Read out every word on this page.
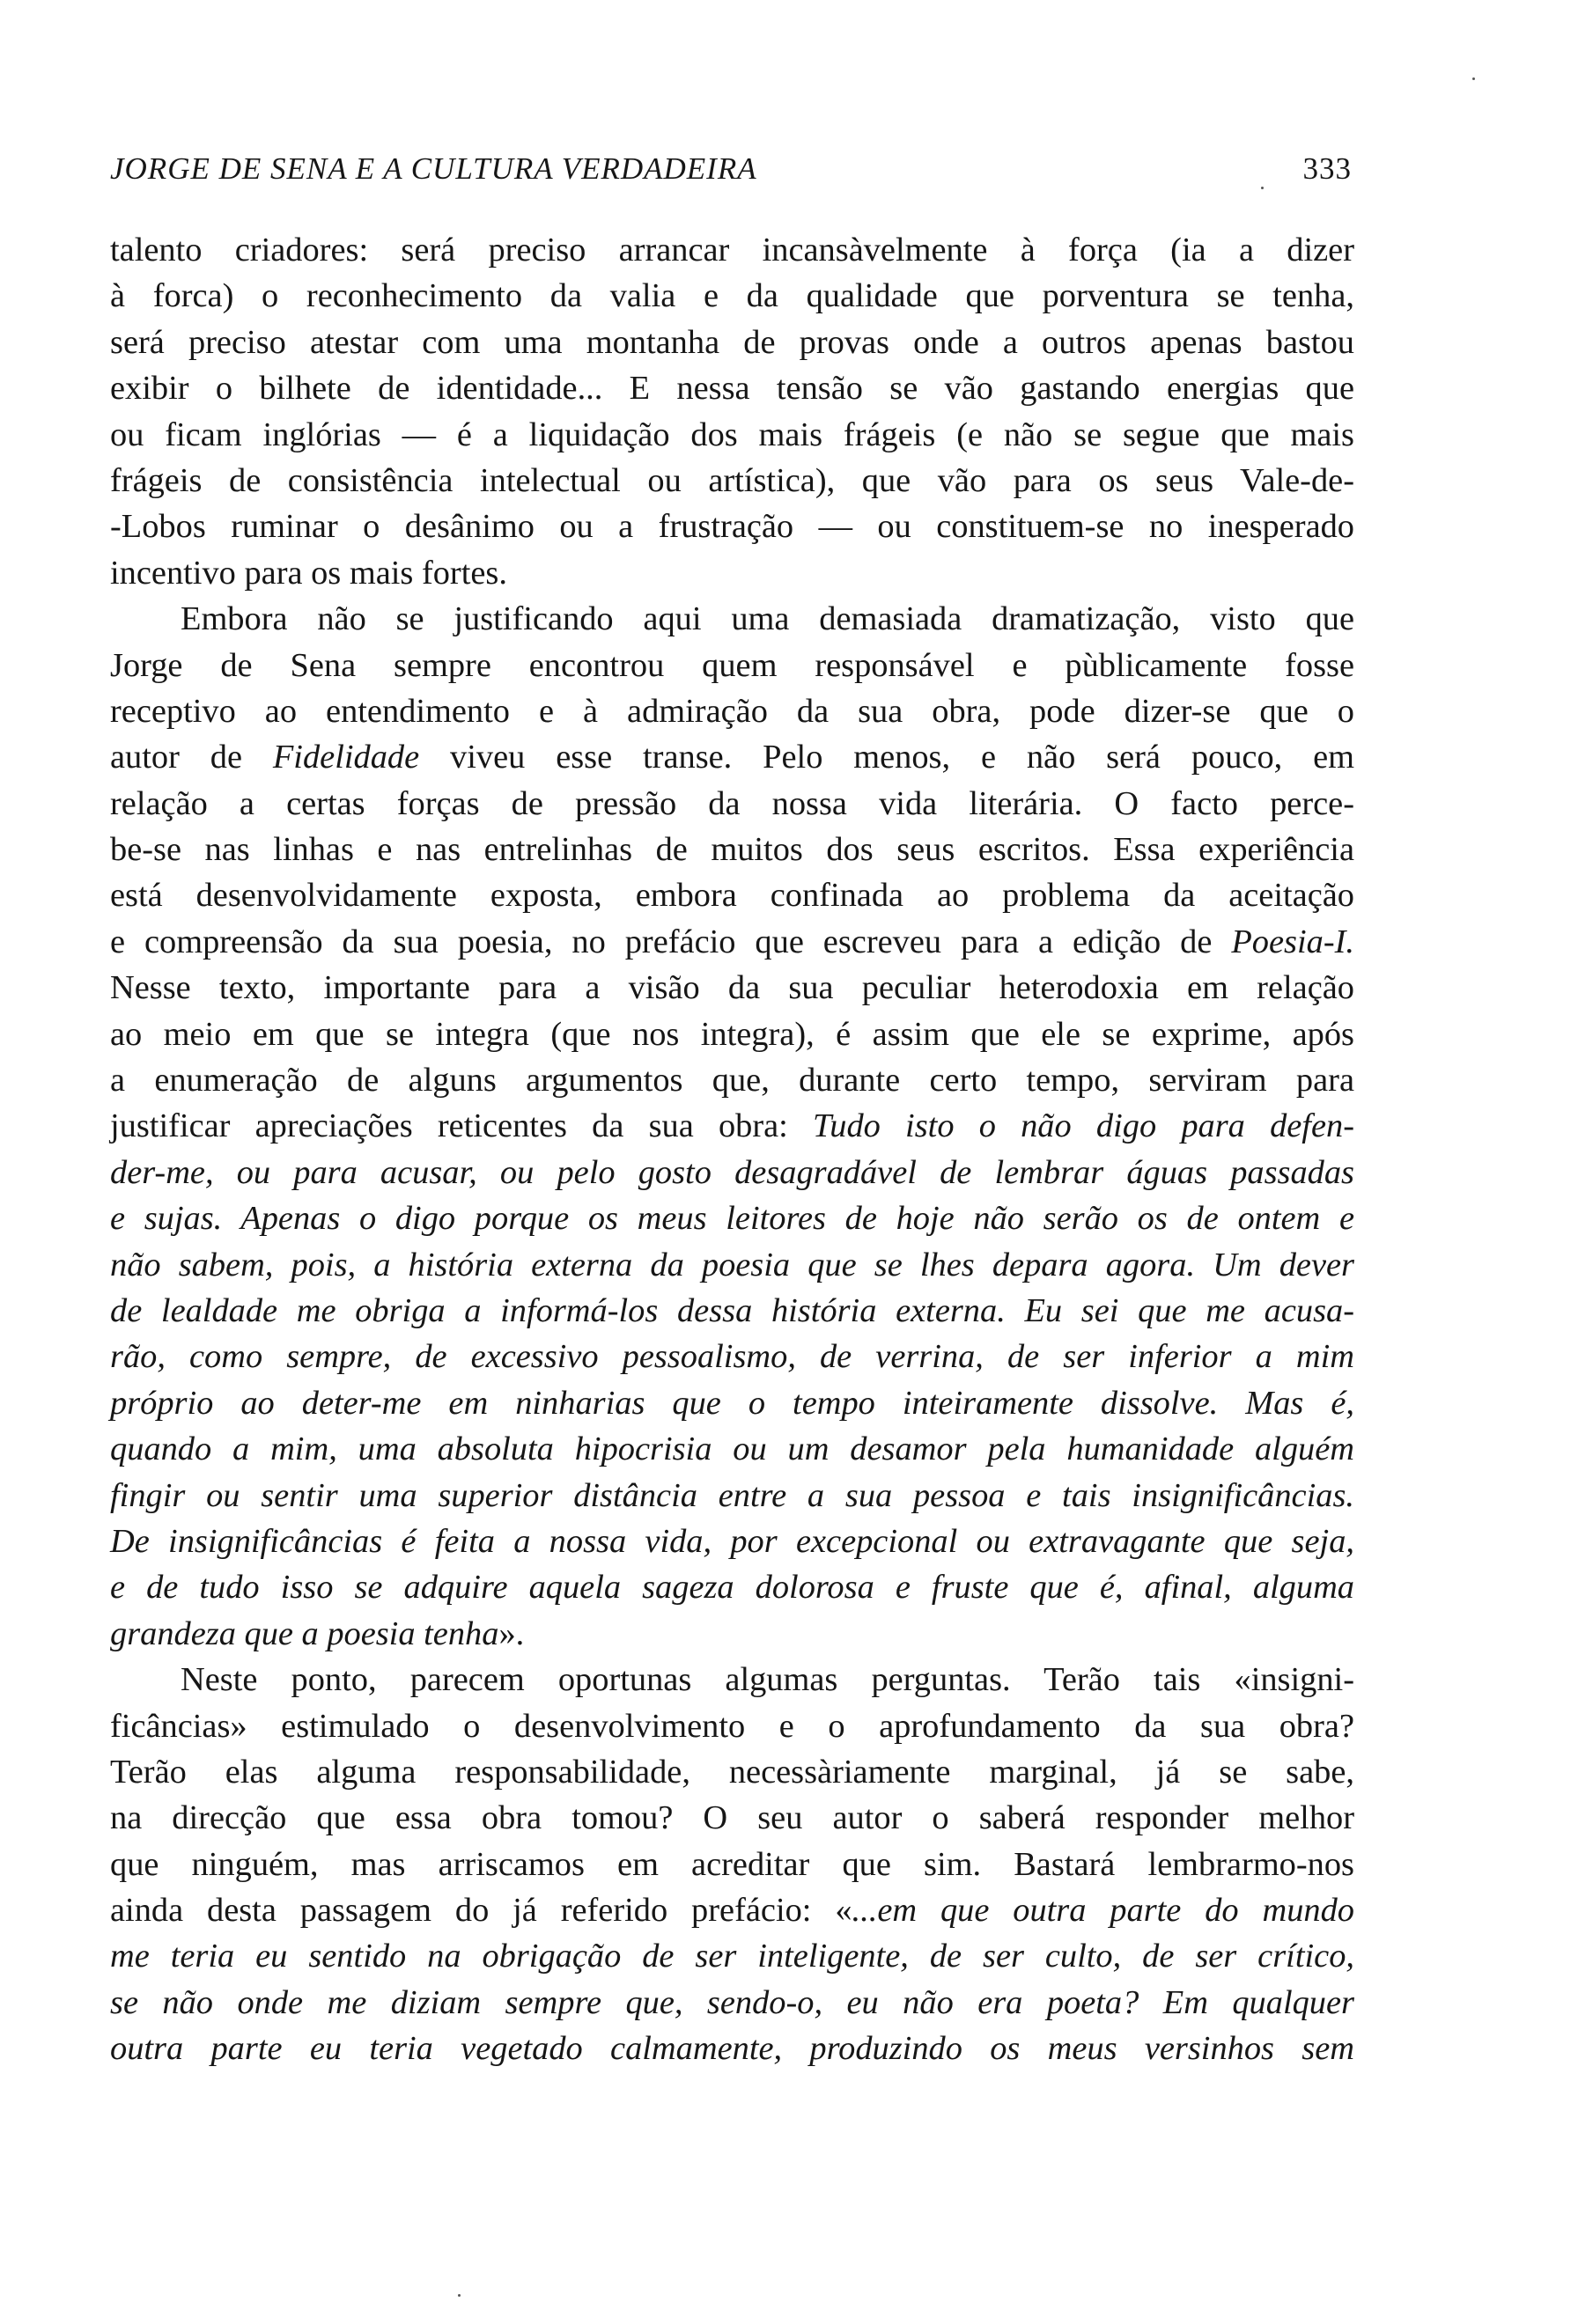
JORGE DE SENA E A CULTURA VERDADEIRA	333
talento criadores: será preciso arrancar incansàvelmente à força (ia a dizer
à forca) o reconhecimento da valia e da qualidade que porventura se tenha,
será preciso atestar com uma montanha de provas onde a outros apenas bastou
exibir o bilhete de identidade... E nessa tensão se vão gastando energias que
ou ficam inglórias — é a liquidação dos mais frágeis (e não se segue que mais
frágeis de consistência intelectual ou artística), que vão para os seus Vale-de-
-Lobos ruminar o desânimo ou a frustração — ou constituem-se no inesperado
incentivo para os mais fortes.
Embora não se justificando aqui uma demasiada dramatização, visto que
Jorge de Sena sempre encontrou quem responsável e pùblicamente fosse
receptivo ao entendimento e à admiração da sua obra, pode dizer-se que o
autor de Fidelidade viveu esse transe. Pelo menos, e não será pouco, em
relação a certas forças de pressão da nossa vida literária. O facto perce-
be-se nas linhas e nas entrelinhas de muitos dos seus escritos. Essa experiência
está desenvolvidamente exposta, embora confinada ao problema da aceitação
e compreensão da sua poesia, no prefácio que escreveu para a edição de Poesia-I.
Nesse texto, importante para a visão da sua peculiar heterodoxia em relação
ao meio em que se integra (que nos integra), é assim que ele se exprime, após
a enumeração de alguns argumentos que, durante certo tempo, serviram para
justificar apreciações reticentes da sua obra: Tudo isto o não digo para defen-
der-me, ou para acusar, ou pelo gosto desagradável de lembrar águas passadas
e sujas. Apenas o digo porque os meus leitores de hoje não serão os de ontem e
não sabem, pois, a história externa da poesia que se lhes depara agora. Um dever
de lealdade me obriga a informá-los dessa história externa. Eu sei que me acusa-
rão, como sempre, de excessivo pessoalismo, de verrina, de ser inferior a mim
próprio ao deter-me em ninharias que o tempo inteiramente dissolve. Mas é,
quando a mim, uma absoluta hipocrisia ou um desamor pela humanidade alguém
fingir ou sentir uma superior distância entre a sua pessoa e tais insignificâncias.
De insignificâncias é feita a nossa vida, por excepcional ou extravagante que seja,
e de tudo isso se adquire aquela sageza dolorosa e fruste que é, afinal, alguma
grandeza que a poesia tenha».
Neste ponto, parecem oportunas algumas perguntas. Terão tais «insigni-
ficâncias» estimulado o desenvolvimento e o aprofundamento da sua obra?
Terão elas alguma responsabilidade, necessàriamente marginal, já se sabe,
na direcção que essa obra tomou? O seu autor o saberá responder melhor
que ninguém, mas arriscamos em acreditar que sim. Bastará lembrarmo-nos
ainda desta passagem do já referido prefácio: «...em que outra parte do mundo
me teria eu sentido na obrigação de ser inteligente, de ser culto, de ser crítico,
se não onde me diziam sempre que, sendo-o, eu não era poeta? Em qualquer
outra parte eu teria vegetado calmamente, produzindo os meus versinhos sem
